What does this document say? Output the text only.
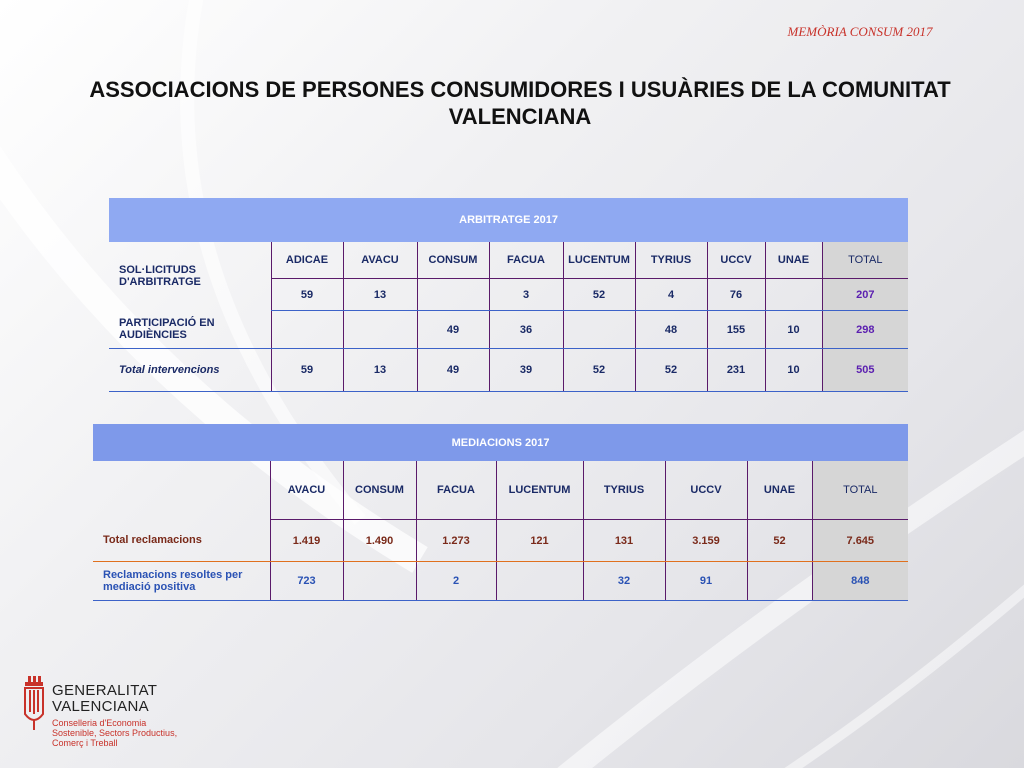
MEMÒRIA CONSUM 2017
ASSOCIACIONS DE PERSONES CONSUMIDORES I USUÀRIES DE LA COMUNITAT
VALENCIANA
ARBITRATGE 2017									
SOL·LICITUDS D'ARBITRATGE	ADICAE	AVACU	CONSUM	FACUA	LUCENTUM	TYRIUS	UCCV	UNAE	TOTAL
	59	13		3	52	4	76		207
PARTICIPACIÓ EN AUDIÈNCIES			49	36		48	155	10	298
Total intervencions	59	13	49	39	52	52	231	10	505
MEDIACIONS 2017								
	AVACU	CONSUM	FACUA	LUCENTUM	TYRIUS	UCCV	UNAE	TOTAL
Total reclamacions	1.419	1.490	1.273	121	131	3.159	52	7.645
Reclamacions resoltes per mediació positiva	723		2		32	91		848
GENERALITAT
VALENCIANA
Conselleria d'Economia
Sostenible, Sectors Productius,
Comerç i Treball
